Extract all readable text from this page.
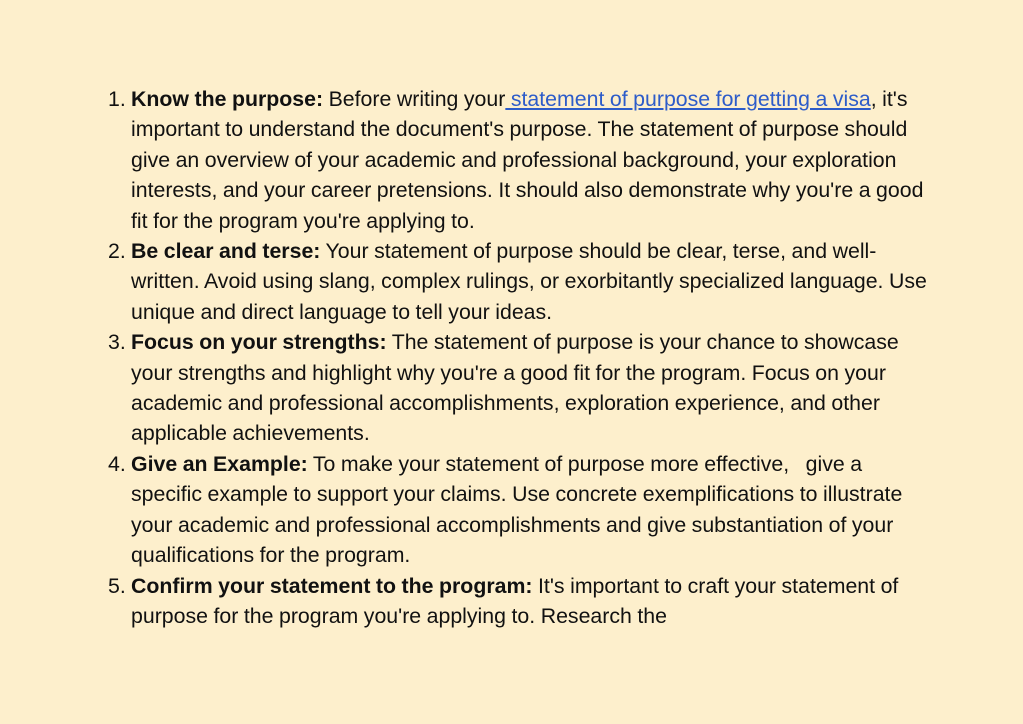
1. Know the purpose: Before writing your statement of purpose for getting a visa, it's important to understand the document's purpose. The statement of purpose should give an overview of your academic and professional background, your exploration interests, and your career pretensions. It should also demonstrate why you're a good fit for the program you're applying to.
2. Be clear and terse: Your statement of purpose should be clear, terse, and well-written. Avoid using slang, complex rulings, or exorbitantly specialized language. Use unique and direct language to tell your ideas.
3. Focus on your strengths: The statement of purpose is your chance to showcase your strengths and highlight why you're a good fit for the program. Focus on your academic and professional accomplishments, exploration experience, and other applicable achievements.
4. Give an Example: To make your statement of purpose more effective,   give a specific example to support your claims. Use concrete exemplifications to illustrate your academic and professional accomplishments and give substantiation of your qualifications for the program.
5. Confirm your statement to the program: It's important to craft your statement of purpose for the program you're applying to. Research the
